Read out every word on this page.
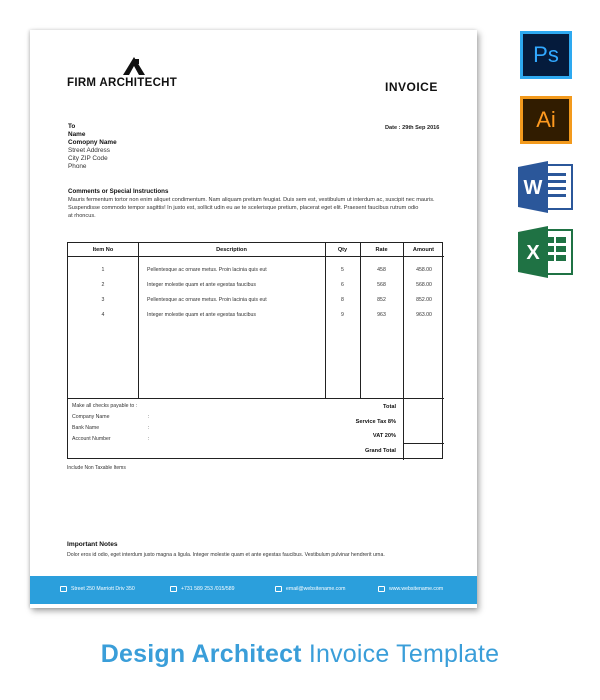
FIRM ARCHITECHT	INVOICE
To
Name
Comopny Name
Street Address
City ZIP Code
Phone
Date : 29th Sep 2016
Comments or Special Instructions
Mauris fermentum tortor non enim aliquet condimentum. Nam aliquam pretium feugiat. Duis sem est, vestibulum ut interdum ac, suscipit nec mauris.
Suspendisse commodo tempor sagittis! In justo est, sollicit udin eu ae te scelerisque pretium, placerat eget elit. Praesent faucibus rutrum odio
at rhoncus.
Item No	Description	Qty	Rate	Amount
1	Pellentesque ac ornare metus. Proin lacinia quis eut	5	458	458.00
2	Integer molestie quam et ante egestas faucibus	6	568	568.00
3	Pellentesque ac ornare metus. Proin lacinia quis eut	8	852	852.00
4	Integer molestie quam et ante egestas faucibus	9	963	963.00
Make all checks payable to :
Company Name	:
Bank Name	:
Account Number	:
Total
Service Tax 8%
VAT 20%
Grand Total
Include Non Taxable Items
Important Notes
Dolor eros id odio, eget interdum justo magna a ligula. Integer molestie quam et ante egestas faucibus. Vestibulum pulvinar hendrerit urna.
Street 250 Marriott Driv 350	+731 589 253 /015/589	email@websitename.com	www.websitename.com
Ps
Ai
W
X
Design Architect Invoice Template
